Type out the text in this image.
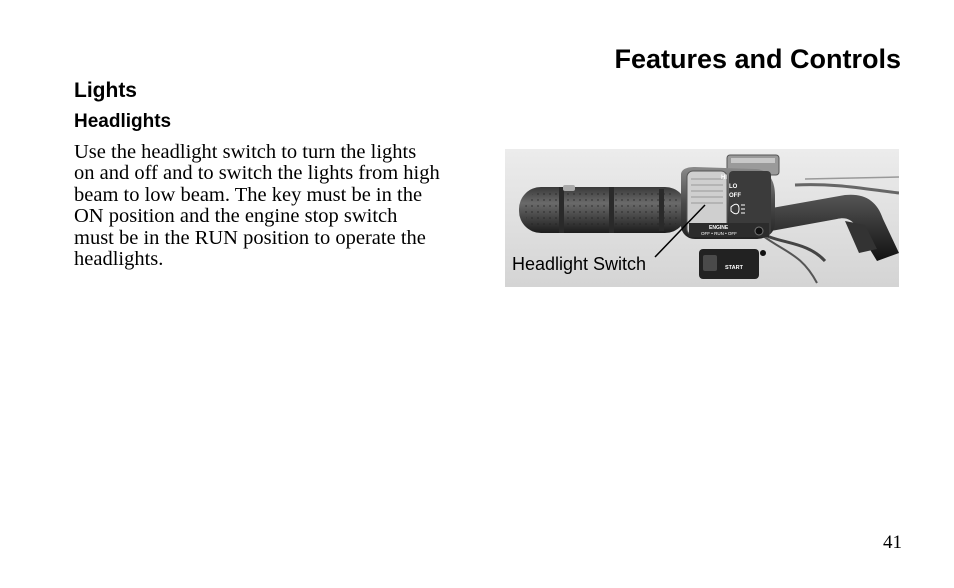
Features and Controls
Lights
Headlights
Use the headlight switch to turn the lights
on and off and to switch the lights from high
beam to low beam. The key must be in the
ON position and the engine stop switch
must be in the RUN position to operate the
headlights.
HI
LO
OFF
ENGINE
OFF • RUN • OFF
START
Headlight Switch
41
